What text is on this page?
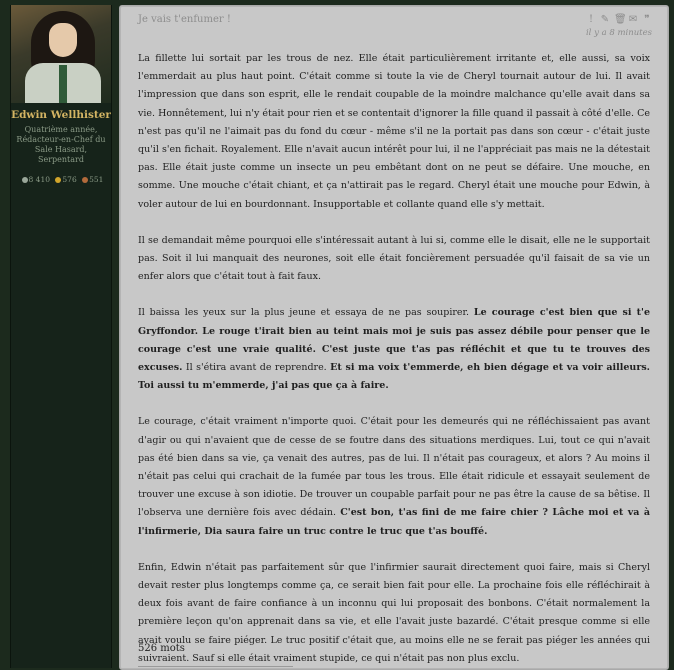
Edwin Wellhister
Quatrième année, Rédacteur-en-Chef du Sale Hasard, Serpentard
8 410 576 551
Je vais t'enfumer !	! ✎ 🗑 ✉ ❞
il y a 8 minutes

La fillette lui sortait par les trous de nez. Elle était particulièrement irritante et, elle aussi, sa voix l'emmerdait au plus haut point. C'était comme si toute la vie de Cheryl tournait autour de lui. Il avait l'impression que dans son esprit, elle le rendait coupable de la moindre malchance qu'elle avait dans sa vie. Honnêtement, lui n'y était pour rien et se contentait d'ignorer la fille quand il passait à côté d'elle. Ce n'est pas qu'il ne l'aimait pas du fond du cœur - même s'il ne la portait pas dans son cœur - c'était juste qu'il s'en fichait. Royalement. Elle n'avait aucun intérêt pour lui, il ne l'appréciait pas mais ne la détestait pas. Elle était juste comme un insecte un peu embêtant dont on ne peut se défaire. Une mouche, en somme. Une mouche c'était chiant, et ça n'attirait pas le regard. Cheryl était une mouche pour Edwin, à voler autour de lui en bourdonnant. Insupportable et collante quand elle s'y mettait.

Il se demandait même pourquoi elle s'intéressait autant à lui si, comme elle le disait, elle ne le supportait pas. Soit il lui manquait des neurones, soit elle était foncièrement persuadée qu'il faisait de sa vie un enfer alors que c'était tout à fait faux.

Il baissa les yeux sur la plus jeune et essaya de ne pas soupirer. Le courage c'est bien que si t'e Gryffondor. Le rouge t'irait bien au teint mais moi je suis pas assez débile pour penser que le courage c'est une vraie qualité. C'est juste que t'as pas réfléchit et que tu te trouves des excuses. Il s'étira avant de reprendre. Et si ma voix t'emmerde, eh bien dégage et va voir ailleurs. Toi aussi tu m'emmerde, j'ai pas que ça à faire.

Le courage, c'était vraiment n'importe quoi. C'était pour les demeurés qui ne réfléchissaient pas avant d'agir ou qui n'avaient que de cesse de se foutre dans des situations merdiques. Lui, tout ce qui n'avait pas été bien dans sa vie, ça venait des autres, pas de lui. Il n'était pas courageux, et alors ? Au moins il n'était pas celui qui crachait de la fumée par tous les trous. Elle était ridicule et essayait seulement de trouver une excuse à son idiotie. De trouver un coupable parfait pour ne pas être la cause de sa bêtise. Il l'observa une dernière fois avec dédain. C'est bon, t'as fini de me faire chier ? Lâche moi et va à l'infirmerie, Dia saura faire un truc contre le truc que t'as bouffé.

Enfin, Edwin n'était pas parfaitement sûr que l'infirmier saurait directement quoi faire, mais si Cheryl devait rester plus longtemps comme ça, ce serait bien fait pour elle. La prochaine fois elle réfléchirait à deux fois avant de faire confiance à un inconnu qui lui proposait des bonbons. C'était normalement la première leçon qu'on apprenait dans sa vie, et elle l'avait juste bazardé. C'était presque comme si elle avait voulu se faire piéger. Le truc positif c'était que, au moins elle ne se ferait pas piéger les années qui suivraient. Sauf si elle était vraiment stupide, ce qui n'était pas non plus exclu.

526 mots
